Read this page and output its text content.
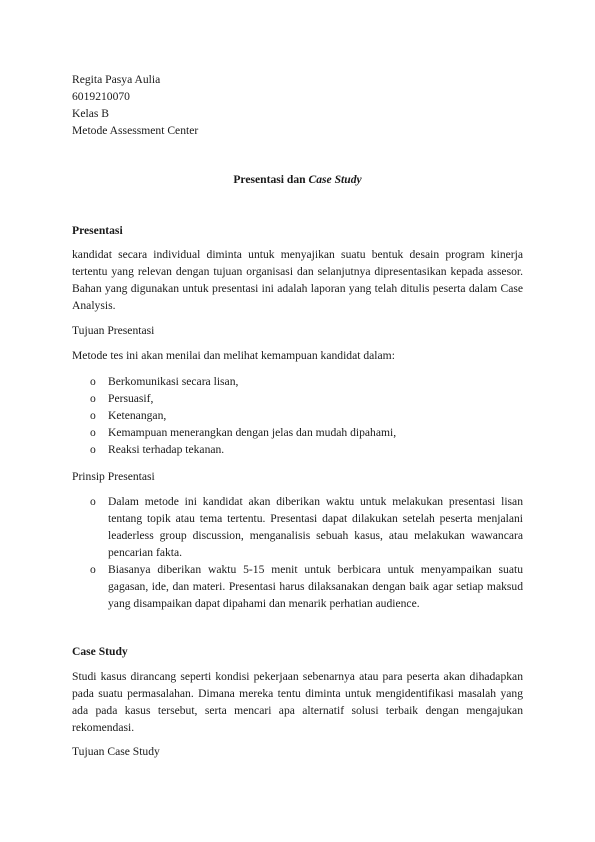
Regita Pasya Aulia
6019210070
Kelas B
Metode Assessment Center
Presentasi dan Case Study
Presentasi
kandidat secara individual diminta untuk menyajikan suatu bentuk desain program kinerja tertentu yang relevan dengan tujuan organisasi dan selanjutnya dipresentasikan kepada assesor. Bahan yang digunakan untuk presentasi ini adalah laporan yang telah ditulis peserta dalam Case Analysis.
Tujuan Presentasi
Metode tes ini akan menilai dan melihat kemampuan kandidat dalam:
o Berkomunikasi secara lisan,
o Persuasif,
o Ketenangan,
o Kemampuan menerangkan dengan jelas dan mudah dipahami,
o Reaksi terhadap tekanan.
Prinsip Presentasi
o Dalam metode ini kandidat akan diberikan waktu untuk melakukan presentasi lisan tentang topik atau tema tertentu. Presentasi dapat dilakukan setelah peserta menjalani leaderless group discussion, menganalisis sebuah kasus, atau melakukan wawancara pencarian fakta.
o Biasanya diberikan waktu 5-15 menit untuk berbicara untuk menyampaikan suatu gagasan, ide, dan materi. Presentasi harus dilaksanakan dengan baik agar setiap maksud yang disampaikan dapat dipahami dan menarik perhatian audience.
Case Study
Studi kasus dirancang seperti kondisi pekerjaan sebenarnya atau para peserta akan dihadapkan pada suatu permasalahan. Dimana mereka tentu diminta untuk mengidentifikasi masalah yang ada pada kasus tersebut, serta mencari apa alternatif solusi terbaik dengan mengajukan rekomendasi.
Tujuan Case Study
